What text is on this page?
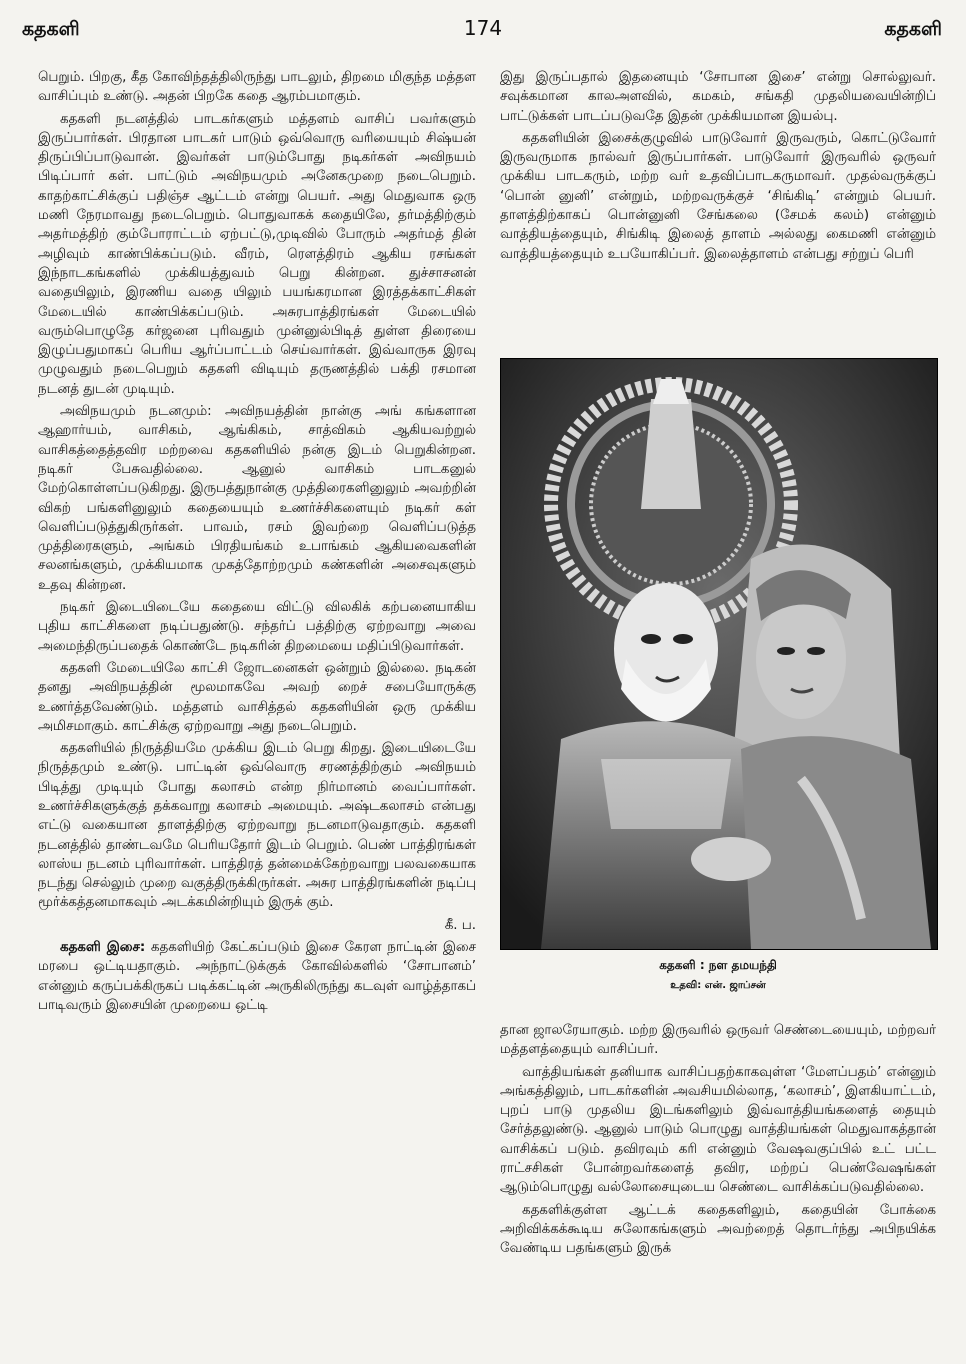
கதகளி	174	கதகளி

பெறும். பிறகு, கீத கோவிந்தத்திலிருந்து பாடலும், திறமை மிகுந்த மத்தள வாசிப்பும் உண்டு. அதன் பிறகே கதை ஆரம்பமாகும்.

கதகளி நடனத்தில் பாடகர்களும் மத்தளம் வாசிப் பவர்களும் இருப்பார்கள். பிரதான பாடகர் பாடும் ஒவ்வொரு வரியையும் சிஷ்யன் திருப்பிப்பாடுவான். இவர்கள் பாடும்போது நடிகர்கள் அவிநயம் பிடிப்பார் கள். பாட்டும் அவிநயமும் அனேகமுறை நடைபெறும். காதற்காட்சிக்குப் பதிஞ்ச ஆட்டம் என்று பெயர். அது மெதுவாக ஒரு மணி நேரமாவது நடைபெறும். பொதுவாகக் கதையிலே, தர்மத்திற்கும் அதர்மத்திற் கும்போராட்டம் ஏற்பட்டு,முடிவில் போரும் அதர்மத் தின் அழிவும் காண்பிக்கப்படும். வீரம், ரௌத்திரம் ஆகிய ரசங்கள் இந்நாடகங்களில் முக்கியத்துவம் பெறு கின்றன. துச்சாசனன் வதையிலும், இரணிய வதை யிலும் பயங்கரமான இரத்தக்காட்சிகள் மேடையில் காண்பிக்கப்படும். அசுரபாத்திரங்கள் மேடையில் வரும்பொழுதே கர்ஜனை புரிவதும் முன்னுல்பிடித் துள்ள திரையை இழுப்பதுமாகப் பெரிய ஆர்ப்பாட்டம் செய்வார்கள். இவ்வாருக இரவு முழுவதும் நடைபெறும் கதகளி விடியும் தருணத்தில் பக்தி ரசமான நடனத் துடன் முடியும்.

அவிநயமும் நடனமும்: அவிநயத்தின் நான்கு அங் கங்களான ஆஹார்யம், வாசிகம், ஆங்கிகம், சாத்விகம் ஆகியவற்றுல் வாசிகத்தைத்தவிர மற்றவை கதகளியில் நன்கு இடம் பெறுகின்றன. நடிகர் பேசுவதில்லை. ஆனுல் வாசிகம் பாடகனுல் மேற்கொள்ளப்படுகிறது. இருபத்துநான்கு முத்திரைகளினுலும் அவற்றின் விகற் பங்களினுலும் கதையையும் உணர்ச்சிகளையும் நடிகர் கள் வெளிப்படுத்துகிருர்கள். பாவம், ரசம் இவற்றை வெளிப்படுத்த முத்திரைகளும், அங்கம் பிரதியங்கம் உபாங்கம் ஆகியவைகளின் சலனங்களும், முக்கியமாக முகத்தோற்றமும் கண்களின் அசைவுகளும் உதவு கின்றன.

நடிகர் இடையிடையே கதையை விட்டு விலகிக் கற்பனையாகிய புதிய காட்சிகளை நடிப்பதுண்டு. சந்தர்ப் பத்திற்கு ஏற்றவாறு அவை அமைந்திருப்பதைக் கொண்டே நடிகரின் திறமையை மதிப்பிடுவார்கள்.

கதகளி மேடையிலே காட்சி ஜோடனைகள் ஒன்றும் இல்லை. நடிகன் தனது அவிநயத்தின் மூலமாகவே அவற் றைச் சபையோருக்கு உணர்த்தவேண்டும். மத்தளம் வாசித்தல் கதகளியின் ஒரு முக்கிய அமிசமாகும். காட்சிக்கு ஏற்றவாறு அது நடைபெறும்.

கதகளியில் நிருத்தியமே முக்கிய இடம் பெறு கிறது. இடையிடையே நிருத்தமும் உண்டு. பாட்டின் ஒவ்வொரு சரணத்திற்கும் அவிநயம் பிடித்து முடியும் போது கலாசம் என்ற நிர்மானம் வைப்பார்கள். உணர்ச்சிகளுக்குத் தக்கவாறு கலாசம் அமையும். அஷ்டகலாசம் என்பது எட்டு வகையான தாளத்திற்கு ஏற்றவாறு நடனமாடுவதாகும். கதகளி நடனத்தில் தாண்டவமே பெரியதோர் இடம் பெறும். பெண் பாத்திரங்கள் லாஸ்ய நடனம் புரிவார்கள். பாத்திரத் தன்மைக்கேற்றவாறு பலவகையாக நடந்து செல்லும் முறை வகுத்திருக்கிருர்கள். அசுர பாத்திரங்களின் நடிப்பு மூர்க்கத்தனமாகவும் அடக்கமின்றியும் இருக் கும்.

கீ. ப.

கதகளி இசை: கதகளியிற் கேட்கப்படும் இசை கேரள நாட்டின் இசை மரபை ஒட்டியதாகும். அந்நாட்டுக்குக் கோவில்களில் ‘சோபானம்’ என்னும் கருப்பக்கிருகப் படிக்கட்டின் அருகிலிருந்து கடவுள் வாழ்த்தாகப் பாடிவரும் இசையின் முறையை ஒட்டி

இது இருப்பதால் இதனையும் ‘சோபான இசை’ என்று சொல்லுவர். சவுக்கமான காலஅளவில், கமகம், சங்கதி முதலியவையின்றிப் பாட்டுக்கள் பாடப்படுவதே இதன் முக்கியமான இயல்பு.

கதகளியின் இசைக்குழுவில் பாடுவோர் இருவரும், கொட்டுவோர் இருவருமாக நால்வர் இருப்பார்கள். பாடுவோர் இருவரில் ஒருவர் முக்கிய பாடகரும், மற்ற வர் உதவிப்பாடகருமாவர். முதல்வருக்குப் ‘பொன் னுனி’ என்றும், மற்றவருக்குச் ‘சிங்கிடி’ என்றும் பெயர். தாளத்திற்காகப் பொன்னுனி சேங்கலை (சேமக் கலம்) என்னும் வாத்தியத்தையும், சிங்கிடி இலைத் தாளம் அல்லது கைமணி என்னும் வாத்தியத்தையும் உபயோகிப்பர். இலைத்தாளம் என்பது சற்றுப் பெரி

கதகளி : நள தமயந்தி
உதவி: என். ஜாப்சன்

தான ஜாலரேயாகும். மற்ற இருவரில் ஒருவர் செண்டையையும், மற்றவர் மத்தளத்தையும் வாசிப்பர்.

வாத்தியங்கள் தனியாக வாசிப்பதற்காகவுள்ள ‘மேளப்பதம்’ என்னும் அங்கத்திலும், பாடகர்களின் அவசியமில்லாத, ‘கலாசம்’, இளகியாட்டம், புறப் பாடு முதலிய இடங்களிலும் இவ்வாத்தியங்களைத் தையும் சேர்த்தலுண்டு. ஆனுல் பாடும் பொழுது வாத்தியங்கள் மெதுவாகத்தான் வாசிக்கப் படும். தவிரவும் கரி என்னும் வேஷவகுப்பில் உட் பட்ட ராட்சசிகள் போன்றவர்களைத் தவிர, மற்றப் பெண்வேஷங்கள் ஆடும்பொழுது வல்லோசையுடைய செண்டை வாசிக்கப்படுவதில்லை.

கதகளிக்குள்ள ஆட்டக் கதைகளிலும், கதையின் போக்கை அறிவிக்கக்கூடிய சுலோகங்களும் அவற்றைத் தொடர்ந்து அபிநயிக்க வேண்டிய பதங்களும் இருக்
